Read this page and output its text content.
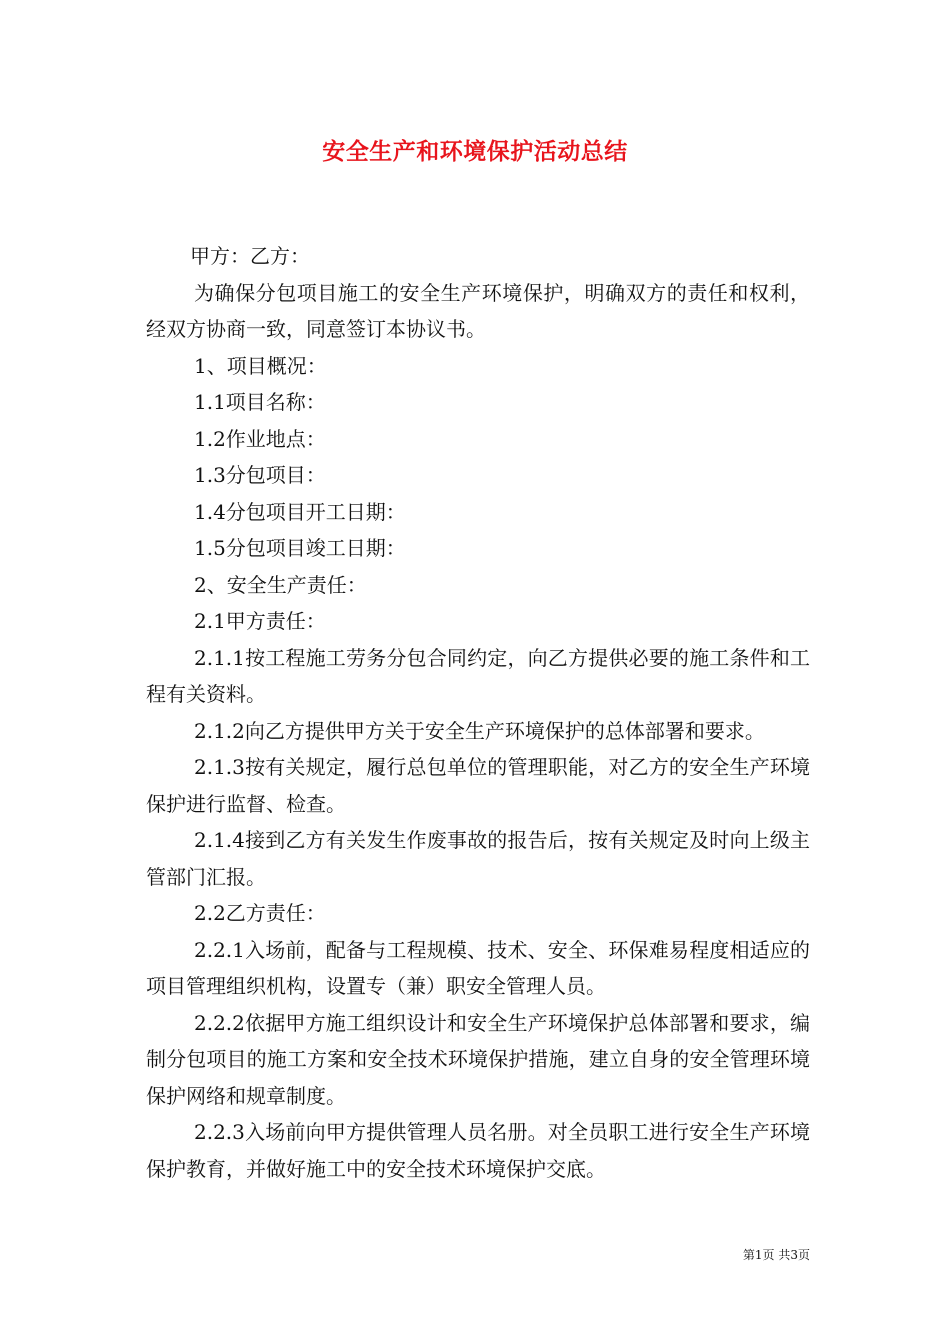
安全生产和环境保护活动总结

甲方：乙方：

为确保分包项目施工的安全生产环境保护，明确双方的责任和权利，经双方协商一致，同意签订本协议书。

1、项目概况：

1.1项目名称：

1.2作业地点：

1.3分包项目：

1.4分包项目开工日期：

1.5分包项目竣工日期：

2、安全生产责任：

2.1甲方责任：

2.1.1按工程施工劳务分包合同约定，向乙方提供必要的施工条件和工程有关资料。

2.1.2向乙方提供甲方关于安全生产环境保护的总体部署和要求。

2.1.3按有关规定，履行总包单位的管理职能，对乙方的安全生产环境保护进行监督、检查。

2.1.4接到乙方有关发生作废事故的报告后，按有关规定及时向上级主管部门汇报。

2.2乙方责任：

2.2.1入场前，配备与工程规模、技术、安全、环保难易程度相适应的项目管理组织机构，设置专（兼）职安全管理人员。

2.2.2依据甲方施工组织设计和安全生产环境保护总体部署和要求，编制分包项目的施工方案和安全技术环境保护措施，建立自身的安全管理环境保护网络和规章制度。

2.2.3入场前向甲方提供管理人员名册。对全员职工进行安全生产环境保护教育，并做好施工中的安全技术环境保护交底。

第1页 共3页
